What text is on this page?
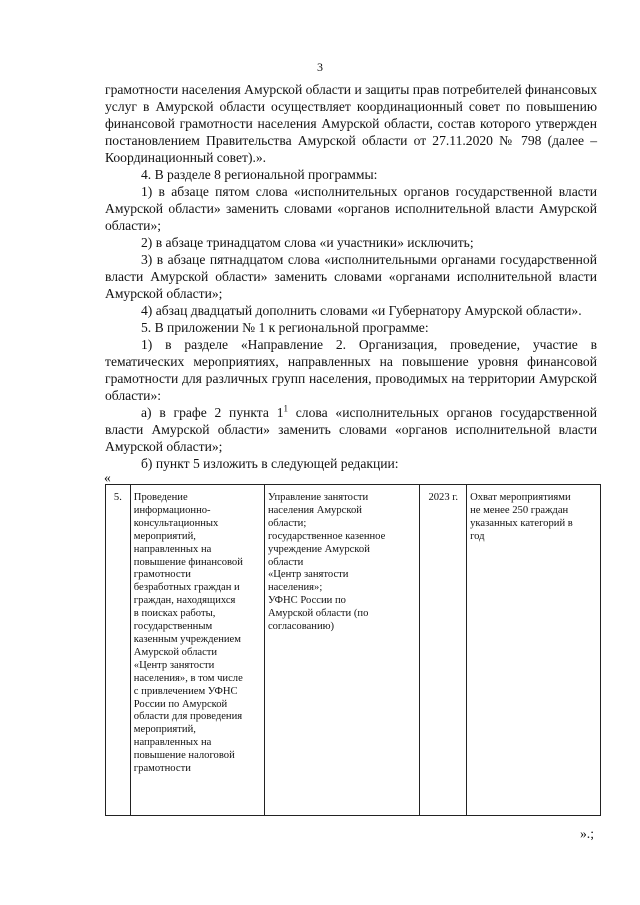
3

грамотности населения Амурской области и защиты прав потребителей финансовых услуг в Амурской области осуществляет координационный совет по повышению финансовой грамотности населения Амурской области, состав которого утвержден постановлением Правительства Амурской области от 27.11.2020 № 798 (далее – Координационный совет).».

4. В разделе 8 региональной программы:

1) в абзаце пятом слова «исполнительных органов государственной власти Амурской области» заменить словами «органов исполнительной власти Амурской области»;

2) в абзаце тринадцатом слова «и участники» исключить;

3) в абзаце пятнадцатом слова «исполнительными органами государственной власти Амурской области» заменить словами «органами исполнительной власти Амурской области»;

4) абзац двадцатый дополнить словами «и Губернатору Амурской области».

5. В приложении № 1 к региональной программе:

1) в разделе «Направление 2. Организация, проведение, участие в тематических мероприятиях, направленных на повышение уровня финансовой грамотности для различных групп населения, проводимых на территории Амурской области»:

а) в графе 2 пункта $1^1$ слова «исполнительных органов государственной власти Амурской области» заменить словами «органов исполнительной власти Амурской области»;

б) пункт 5 изложить в следующей редакции:

«
5.	Проведение
информационно-
консультационных
мероприятий,
направленных на
повышение финансовой
грамотности
безработных граждан и
граждан, находящихся
в поисках работы,
государственным
казенным учреждением
Амурской области
«Центр занятости
населения», в том числе
с привлечением УФНС
России по Амурской
области для проведения
мероприятий,
направленных на
повышение налоговой
грамотности	Управление занятости
населения Амурской
области;
государственное казенное
учреждение Амурской
области
«Центр занятости
населения»;
УФНС России по
Амурской области (по
согласованию)	2023 г.	Охват мероприятиями
не менее 250 граждан
указанных категорий в
год
».;
